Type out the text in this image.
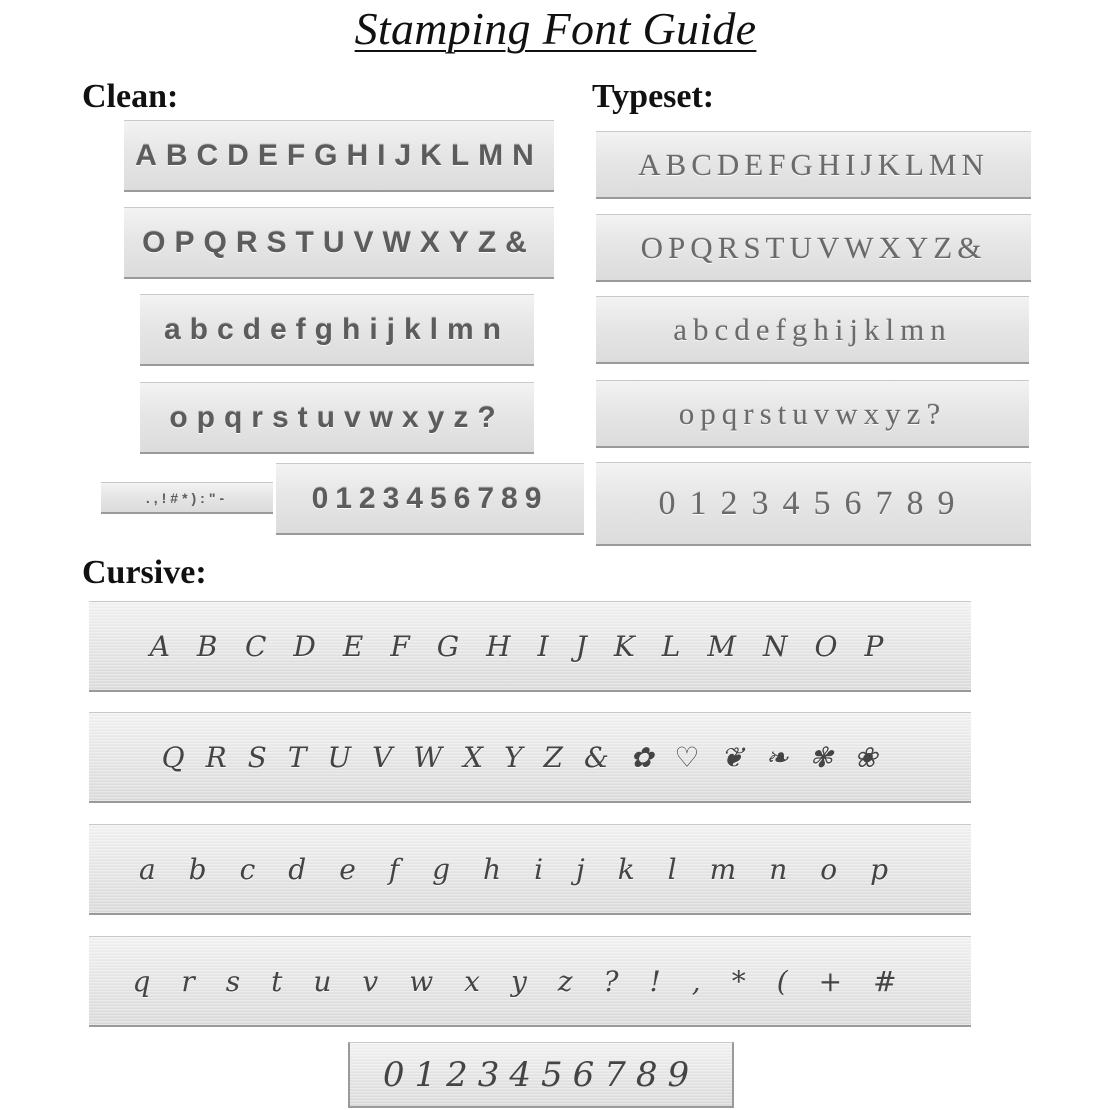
Stamping Font Guide
Clean:
ABCDEFGHIJKLMN
OPQRSTUVWXYZ&
abcdefghijklmn
opqrstuvwxyz?
.,!#*):"-	0123456789
Typeset:
ABCDEFGHIJKLMN
OPQRSTUVWXYZ&
abcdefghijklmn
opqrstuvwxyz?
0123456789
Cursive:
ABCDEFGHIJKLMNOP
QRSTUVWXYZ&✿♡❦❧✾❀
abcdefghijklmnop
qrstuvwxyz?!,*(+#
0123456789
